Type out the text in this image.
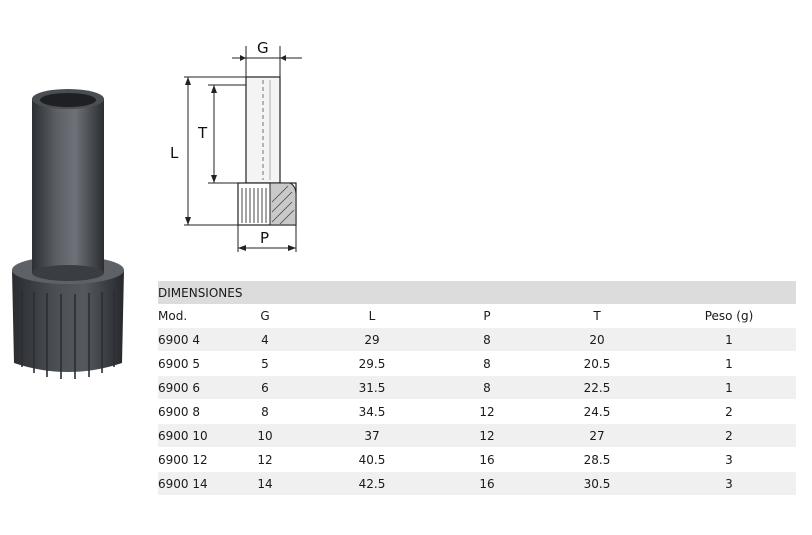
G
L
T
P
DIMENSIONES					
Mod.	G	L	P	T	Peso (g)
6900 4	4	29	8	20	1
6900 5	5	29.5	8	20.5	1
6900 6	6	31.5	8	22.5	1
6900 8	8	34.5	12	24.5	2
6900 10	10	37	12	27	2
6900 12	12	40.5	16	28.5	3
6900 14	14	42.5	16	30.5	3
